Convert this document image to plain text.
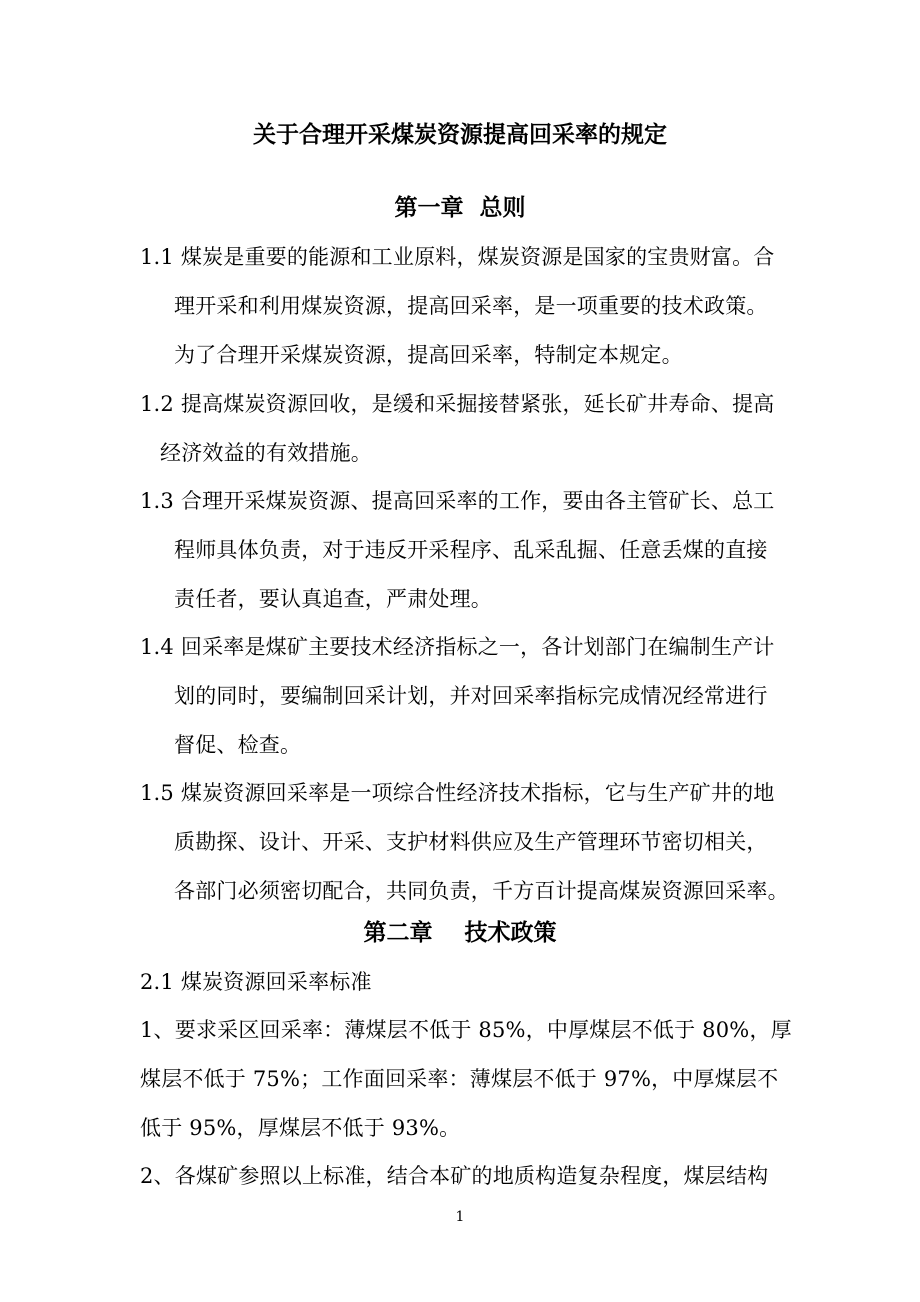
关于合理开采煤炭资源提高回采率的规定
第一章  总则
1.1 煤炭是重要的能源和工业原料，煤炭资源是国家的宝贵财富。合
理开采和利用煤炭资源，提高回采率，是一项重要的技术政策。
为了合理开采煤炭资源，提高回采率，特制定本规定。
1.2 提高煤炭资源回收，是缓和采掘接替紧张，延长矿井寿命、提高
经济效益的有效措施。
1.3 合理开采煤炭资源、提高回采率的工作，要由各主管矿长、总工
程师具体负责，对于违反开采程序、乱采乱掘、任意丢煤的直接
责任者，要认真追查，严肃处理。
1.4 回采率是煤矿主要技术经济指标之一，各计划部门在编制生产计
划的同时，要编制回采计划，并对回采率指标完成情况经常进行
督促、检查。
1.5 煤炭资源回采率是一项综合性经济技术指标，它与生产矿井的地
质勘探、设计、开采、支护材料供应及生产管理环节密切相关，
各部门必须密切配合，共同负责，千方百计提高煤炭资源回采率。
第二章    技术政策
2.1 煤炭资源回采率标准
1、要求采区回采率：薄煤层不低于 85%，中厚煤层不低于 80%，厚
煤层不低于 75%；工作面回采率：薄煤层不低于 97%，中厚煤层不
低于 95%，厚煤层不低于 93%。
2、各煤矿参照以上标准，结合本矿的地质构造复杂程度，煤层结构
1
